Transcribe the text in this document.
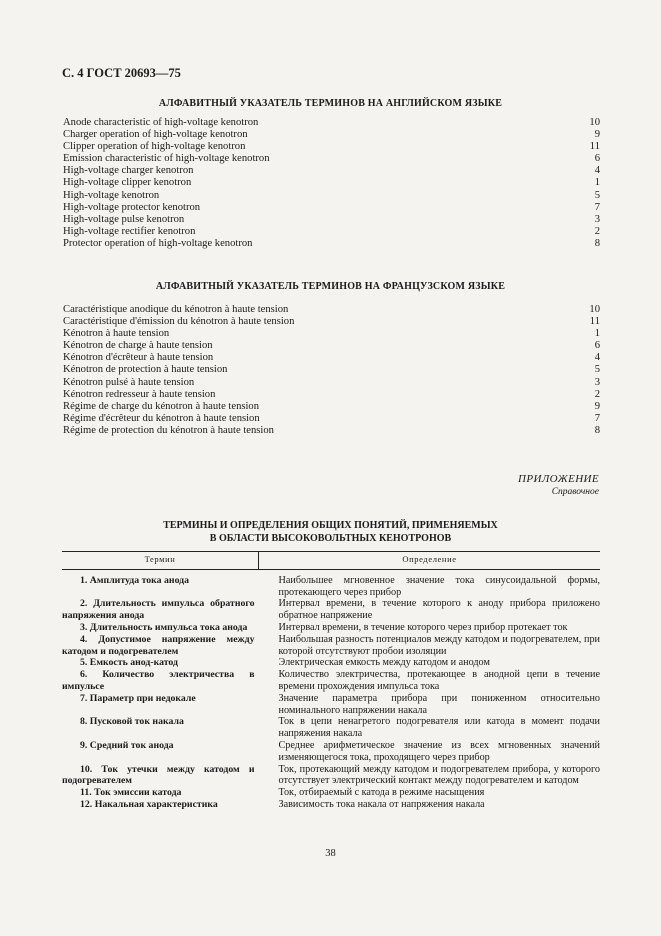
С. 4 ГОСТ 20693—75
АЛФАВИТНЫЙ УКАЗАТЕЛЬ ТЕРМИНОВ НА АНГЛИЙСКОМ ЯЗЫКЕ
Anode characteristic of high-voltage kenotron	10
Charger operation of high-voltage kenotron	9
Clipper operation of high-voltage kenotron	11
Emission characteristic of high-voltage kenotron	6
High-voltage charger kenotron	4
High-voltage clipper kenotron	1
High-voltage kenotron	5
High-voltage protector kenotron	7
High-voltage pulse kenotron	3
High-voltage rectifier kenotron	2
Protector operation of high-voltage kenotron	8
АЛФАВИТНЫЙ УКАЗАТЕЛЬ ТЕРМИНОВ НА ФРАНЦУЗСКОМ ЯЗЫКЕ
Caractéristique anodique du kénotron à haute tension	10
Caractéristique d'émission du kénotron à haute tension	11
Kénotron à haute tension	1
Kénotron de charge à haute tension	6
Kénotron d'écrêteur à haute tension	4
Kénotron de protection à haute tension	5
Kénotron pulsé à haute tension	3
Kénotron redresseur à haute tension	2
Régime de charge du kénotron à haute tension	9
Régime d'écrêteur du kénotron à haute tension	7
Régime de protection du kénotron à haute tension	8
ПРИЛОЖЕНИЕ
Справочное
ТЕРМИНЫ И ОПРЕДЕЛЕНИЯ ОБЩИХ ПОНЯТИЙ, ПРИМЕНЯЕМЫХ
В ОБЛАСТИ ВЫСОКОВОЛЬТНЫХ КЕНОТРОНОВ
Термин	Определение
1. Амплитуда тока анода	Наибольшее мгновенное значение тока синусоидальной формы, протекающего через прибор
2. Длительность импульса обратного напряжения анода	Интервал времени, в течение которого к аноду прибора приложено обратное напряжение
3. Длительность импульса тока анода	Интервал времени, в течение которого через прибор протекает ток
4. Допустимое напряжение между катодом и подогревателем	Наибольшая разность потенциалов между катодом и подогревателем, при которой отсутствуют пробои изоляции
5. Емкость анод-катод	Электрическая емкость между катодом и анодом
6. Количество электричества в импульсе	Количество электричества, протекающее в анодной цепи в течение времени прохождения импульса тока
7. Параметр при недокале	Значение параметра прибора при пониженном относительно номинального напряжении накала
8. Пусковой ток накала	Ток в цепи ненагретого подогревателя или катода в момент подачи напряжения накала
9. Средний ток анода	Среднее арифметическое значение из всех мгновенных значений изменяющегося тока, проходящего через прибор
10. Ток утечки между катодом и подогревателем	Ток, протекающий между катодом и подогревателем прибора, у которого отсутствует электрический контакт между подогревателем и катодом
11. Ток эмиссии катода	Ток, отбираемый с катода в режиме насыщения
12. Накальная характеристика	Зависимость тока накала от напряжения накала
38
